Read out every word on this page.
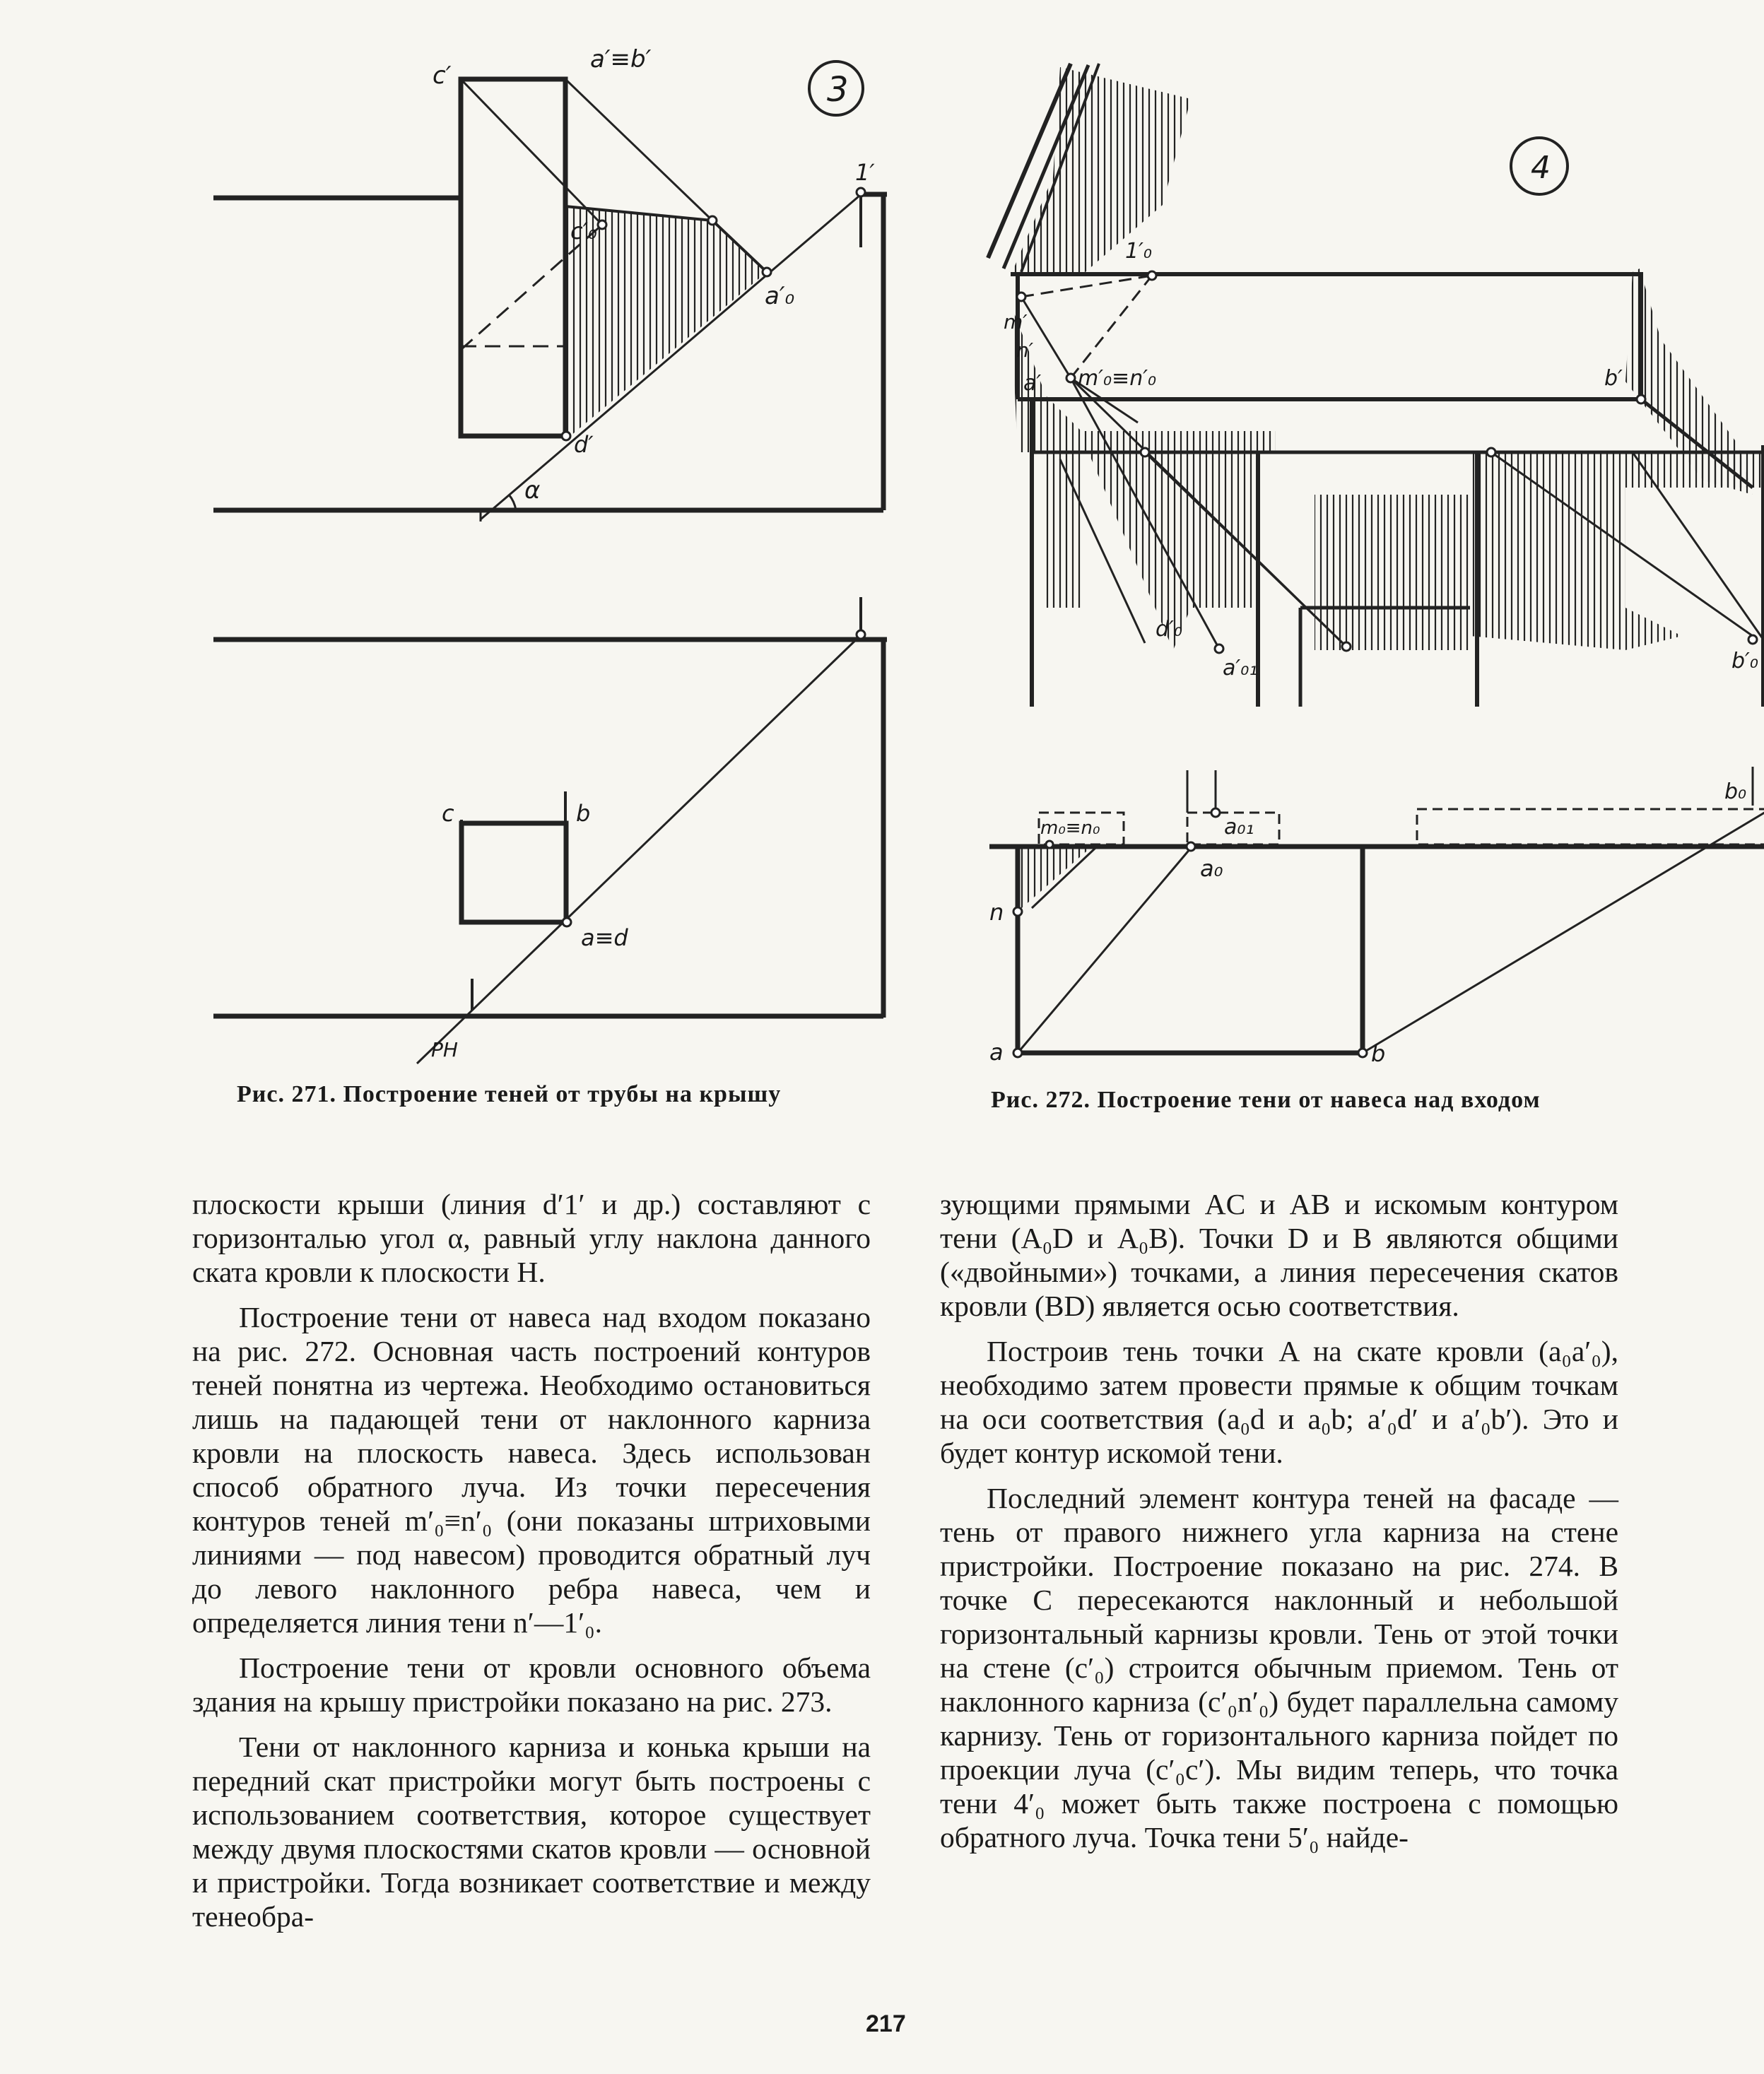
3
c′
a′≡b′
1′
c′₀
a′₀
d′
α
c	b
a≡d
PH
Рис. 271. Построение теней от трубы на крышу
4
1′₀
m′
n′
a′ m′₀≡n′₀	b′
d′₀
a′₀₁	b′₀
b₀
m₀≡n₀	a₀₁
a₀
n
a	b
Рис. 272. Построение тени от навеса над входом

плоскости крыши (линия d′1′ и др.) составляют с горизонталью угол α, равный углу наклона данного ската кровли к плоскости H.

Построение тени от навеса над входом показано на рис. 272. Основная часть построений контуров теней понятна из чертежа. Необходимо остановиться лишь на падающей тени от наклонного карниза кровли на плоскость навеса. Здесь использован способ обратного луча. Из точки пересечения контуров теней m′₀≡n′₀ (они показаны штриховыми линиями — под навесом) проводится обратный луч до левого наклонного ребра навеса, чем и определяется линия тени n′—1′₀.

Построение тени от кровли основного объема здания на крышу пристройки показано на рис. 273.

Тени от наклонного карниза и конька крыши на передний скат пристройки могут быть построены с использованием соответствия, которое существует между двумя плоскостями скатов кровли — основной и пристройки. Тогда возникает соответствие и между тенеобра-

зующими прямыми AC и AB и искомым контуром тени (A₀D и A₀B). Точки D и B являются общими («двойными») точками, а линия пересечения скатов кровли (BD) является осью соответствия.

Построив тень точки A на скате кровли (a₀a′₀), необходимо затем провести прямые к общим точкам на оси соответствия (a₀d и a₀b; a′₀d′ и a′₀b′). Это и будет контур искомой тени.

Последний элемент контура теней на фасаде — тень от правого нижнего угла карниза на стене пристройки. Построение показано на рис. 274. В точке C пересекаются наклонный и небольшой горизонтальный карнизы кровли. Тень от этой точки на стене (c′₀) строится обычным приемом. Тень от наклонного карниза (c′₀n′₀) будет параллельна самому карнизу. Тень от горизонтального карниза пойдет по проекции луча (c′₀c′). Мы видим теперь, что точка тени 4′₀ может быть также построена с помощью обратного луча. Точка тени 5′₀ найде-

217
